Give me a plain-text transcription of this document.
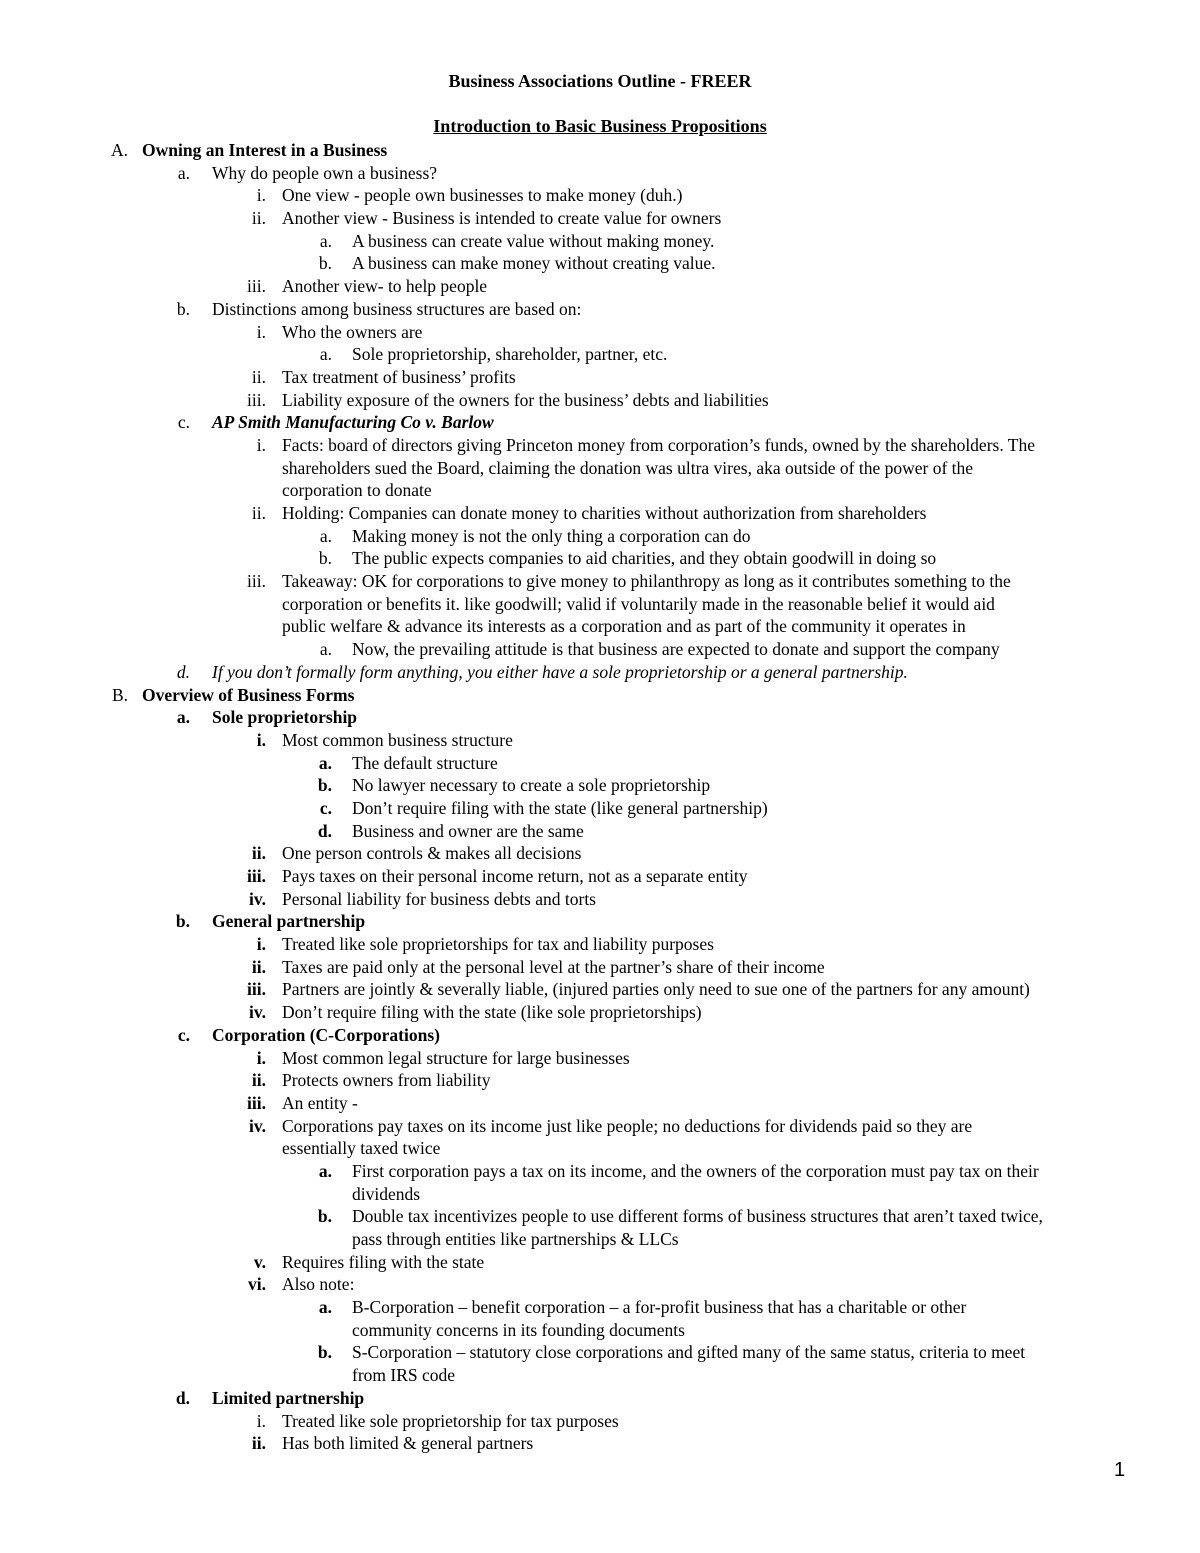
Business Associations Outline - FREER
Introduction to Basic Business Propositions
A. Owning an Interest in a Business
a. Why do people own a business?
i. One view - people own businesses to make money (duh.)
ii. Another view - Business is intended to create value for owners
a. A business can create value without making money.
b. A business can make money without creating value.
iii. Another view- to help people
b. Distinctions among business structures are based on:
i. Who the owners are
a. Sole proprietorship, shareholder, partner, etc.
ii. Tax treatment of business’ profits
iii. Liability exposure of the owners for the business’ debts and liabilities
c. AP Smith Manufacturing Co v. Barlow
i. Facts: board of directors giving Princeton money from corporation’s funds, owned by the shareholders. The
shareholders sued the Board, claiming the donation was ultra vires, aka outside of the power of the
corporation to donate
ii. Holding: Companies can donate money to charities without authorization from shareholders
a. Making money is not the only thing a corporation can do
b. The public expects companies to aid charities, and they obtain goodwill in doing so
iii. Takeaway: OK for corporations to give money to philanthropy as long as it contributes something to the
corporation or benefits it. like goodwill; valid if voluntarily made in the reasonable belief it would aid
public welfare & advance its interests as a corporation and as part of the community it operates in
a. Now, the prevailing attitude is that business are expected to donate and support the company
d. If you don’t formally form anything, you either have a sole proprietorship or a general partnership.
B. Overview of Business Forms
a. Sole proprietorship
i. Most common business structure
a. The default structure
b. No lawyer necessary to create a sole proprietorship
c. Don’t require filing with the state (like general partnership)
d. Business and owner are the same
ii. One person controls & makes all decisions
iii. Pays taxes on their personal income return, not as a separate entity
iv. Personal liability for business debts and torts
b. General partnership
i. Treated like sole proprietorships for tax and liability purposes
ii. Taxes are paid only at the personal level at the partner’s share of their income
iii. Partners are jointly & severally liable, (injured parties only need to sue one of the partners for any amount)
iv. Don’t require filing with the state (like sole proprietorships)
c. Corporation (C-Corporations)
i. Most common legal structure for large businesses
ii. Protects owners from liability
iii. An entity -
iv. Corporations pay taxes on its income just like people; no deductions for dividends paid so they are
essentially taxed twice
a. First corporation pays a tax on its income, and the owners of the corporation must pay tax on their
dividends
b. Double tax incentivizes people to use different forms of business structures that aren’t taxed twice,
pass through entities like partnerships & LLCs
v. Requires filing with the state
vi. Also note:
a. B-Corporation – benefit corporation – a for-profit business that has a charitable or other
community concerns in its founding documents
b. S-Corporation – statutory close corporations and gifted many of the same status, criteria to meet
from IRS code
d. Limited partnership
i. Treated like sole proprietorship for tax purposes
ii. Has both limited & general partners
1
